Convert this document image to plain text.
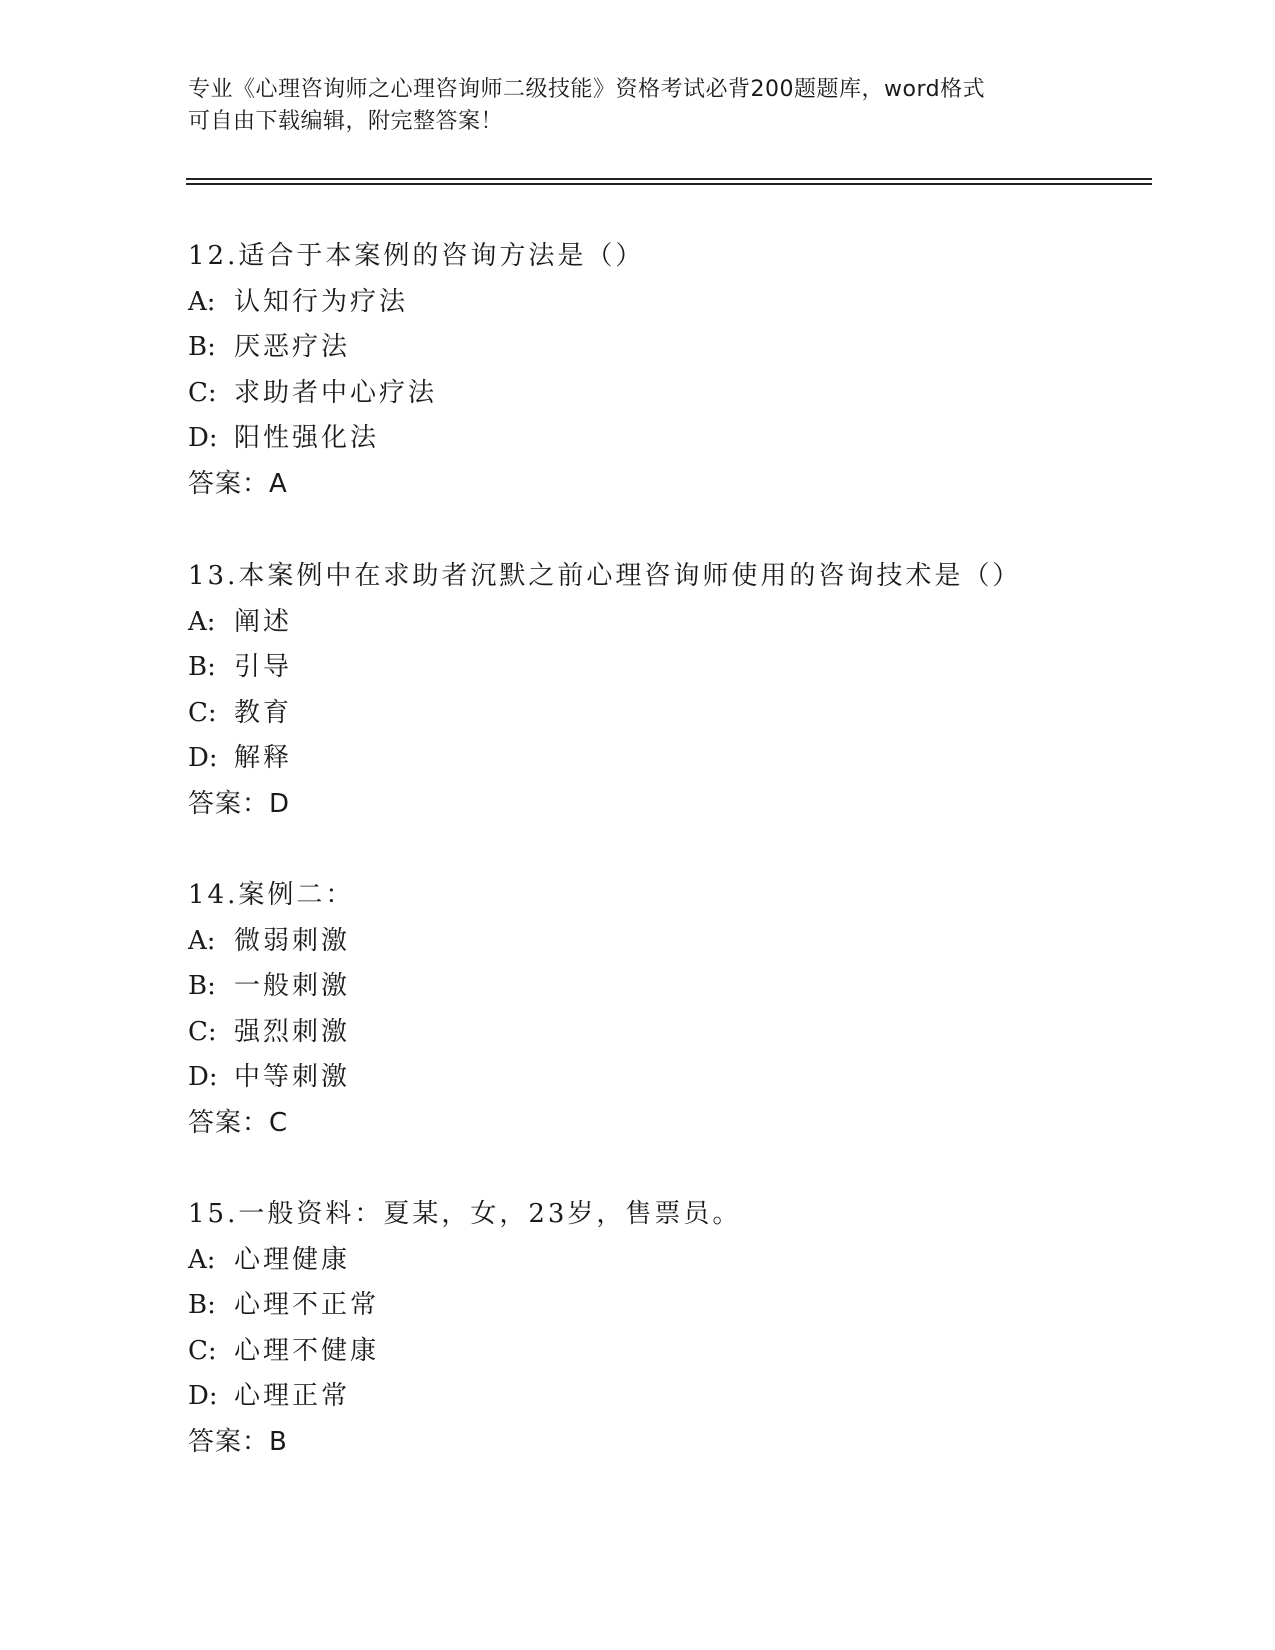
专业《心理咨询师之心理咨询师二级技能》资格考试必背200题题库，word格式
可自由下载编辑，附完整答案！
12.适合于本案例的咨询方法是（）
A: 认知行为疗法
B: 厌恶疗法
C: 求助者中心疗法
D: 阳性强化法
答案：A
13.本案例中在求助者沉默之前心理咨询师使用的咨询技术是（）
A: 阐述
B: 引导
C: 教育
D: 解释
答案：D
14.案例二：
A: 微弱刺激
B: 一般刺激
C: 强烈刺激
D: 中等刺激
答案：C
15.一般资料：夏某，女，23岁，售票员。
A: 心理健康
B: 心理不正常
C: 心理不健康
D: 心理正常
答案：B
